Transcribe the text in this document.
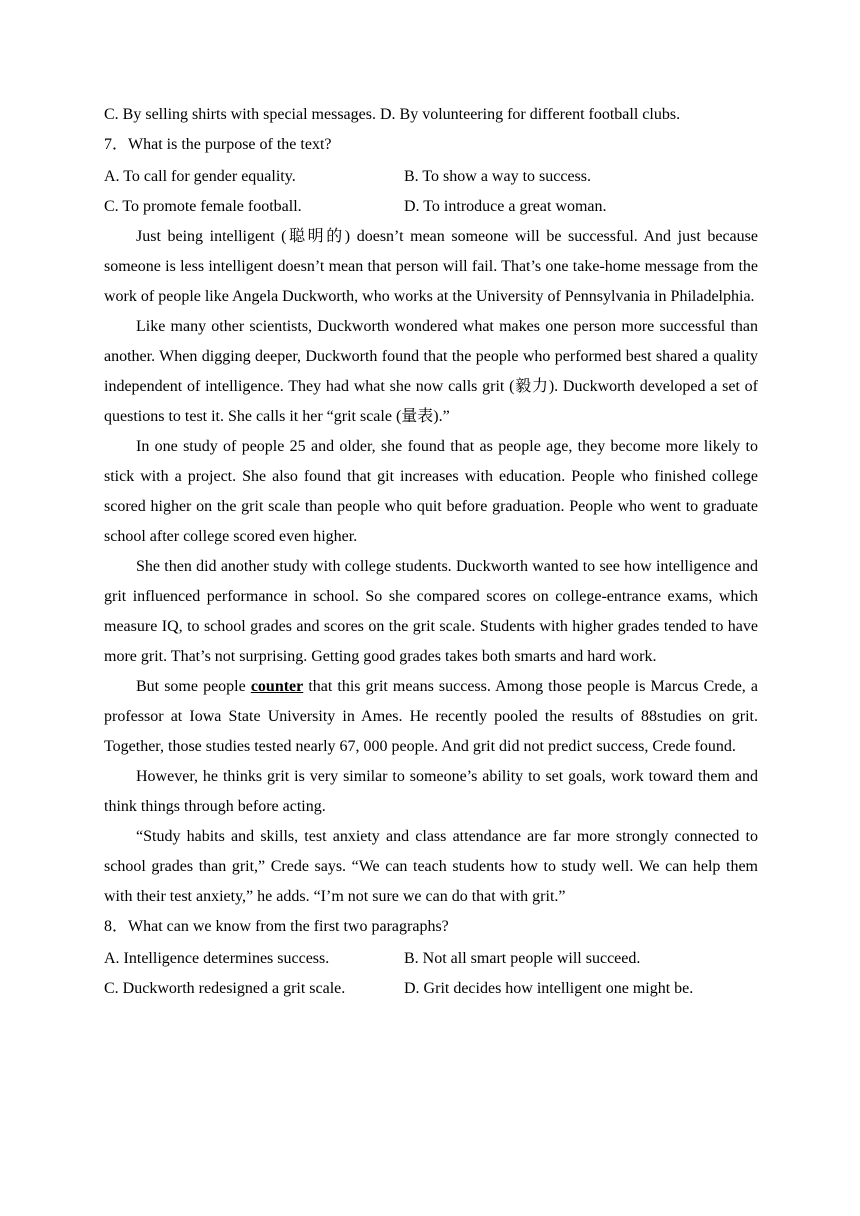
C. By selling shirts with special messages. D. By volunteering for different football clubs.
7．What is the purpose of the text?
A. To call for gender equality.	B. To show a way to success.
C. To promote female football.	D. To introduce a great woman.

Just being intelligent (聪明的) doesn’t mean someone will be successful. And just because someone is less intelligent doesn’t mean that person will fail. That’s one take-home message from the work of people like Angela Duckworth, who works at the University of Pennsylvania in Philadelphia.

Like many other scientists, Duckworth wondered what makes one person more successful than another. When digging deeper, Duckworth found that the people who performed best shared a quality independent of intelligence. They had what she now calls grit (毅力). Duckworth developed a set of questions to test it. She calls it her “grit scale (量表).”

In one study of people 25 and older, she found that as people age, they become more likely to stick with a project. She also found that git increases with education. People who finished college scored higher on the grit scale than people who quit before graduation. People who went to graduate school after college scored even higher.

She then did another study with college students. Duckworth wanted to see how intelligence and grit influenced performance in school. So she compared scores on college-entrance exams, which measure IQ, to school grades and scores on the grit scale. Students with higher grades tended to have more grit. That’s not surprising. Getting good grades takes both smarts and hard work.

But some people counter that this grit means success. Among those people is Marcus Crede, a professor at Iowa State University in Ames. He recently pooled the results of 88studies on grit. Together, those studies tested nearly 67, 000 people. And grit did not predict success, Crede found.

However, he thinks grit is very similar to someone’s ability to set goals, work toward them and think things through before acting.

“Study habits and skills, test anxiety and class attendance are far more strongly connected to school grades than grit,” Crede says. “We can teach students how to study well. We can help them with their test anxiety,” he adds. “I’m not sure we can do that with grit.”

8．What can we know from the first two paragraphs?
A. Intelligence determines success.	B. Not all smart people will succeed.
C. Duckworth redesigned a grit scale.	D. Grit decides how intelligent one might be.
